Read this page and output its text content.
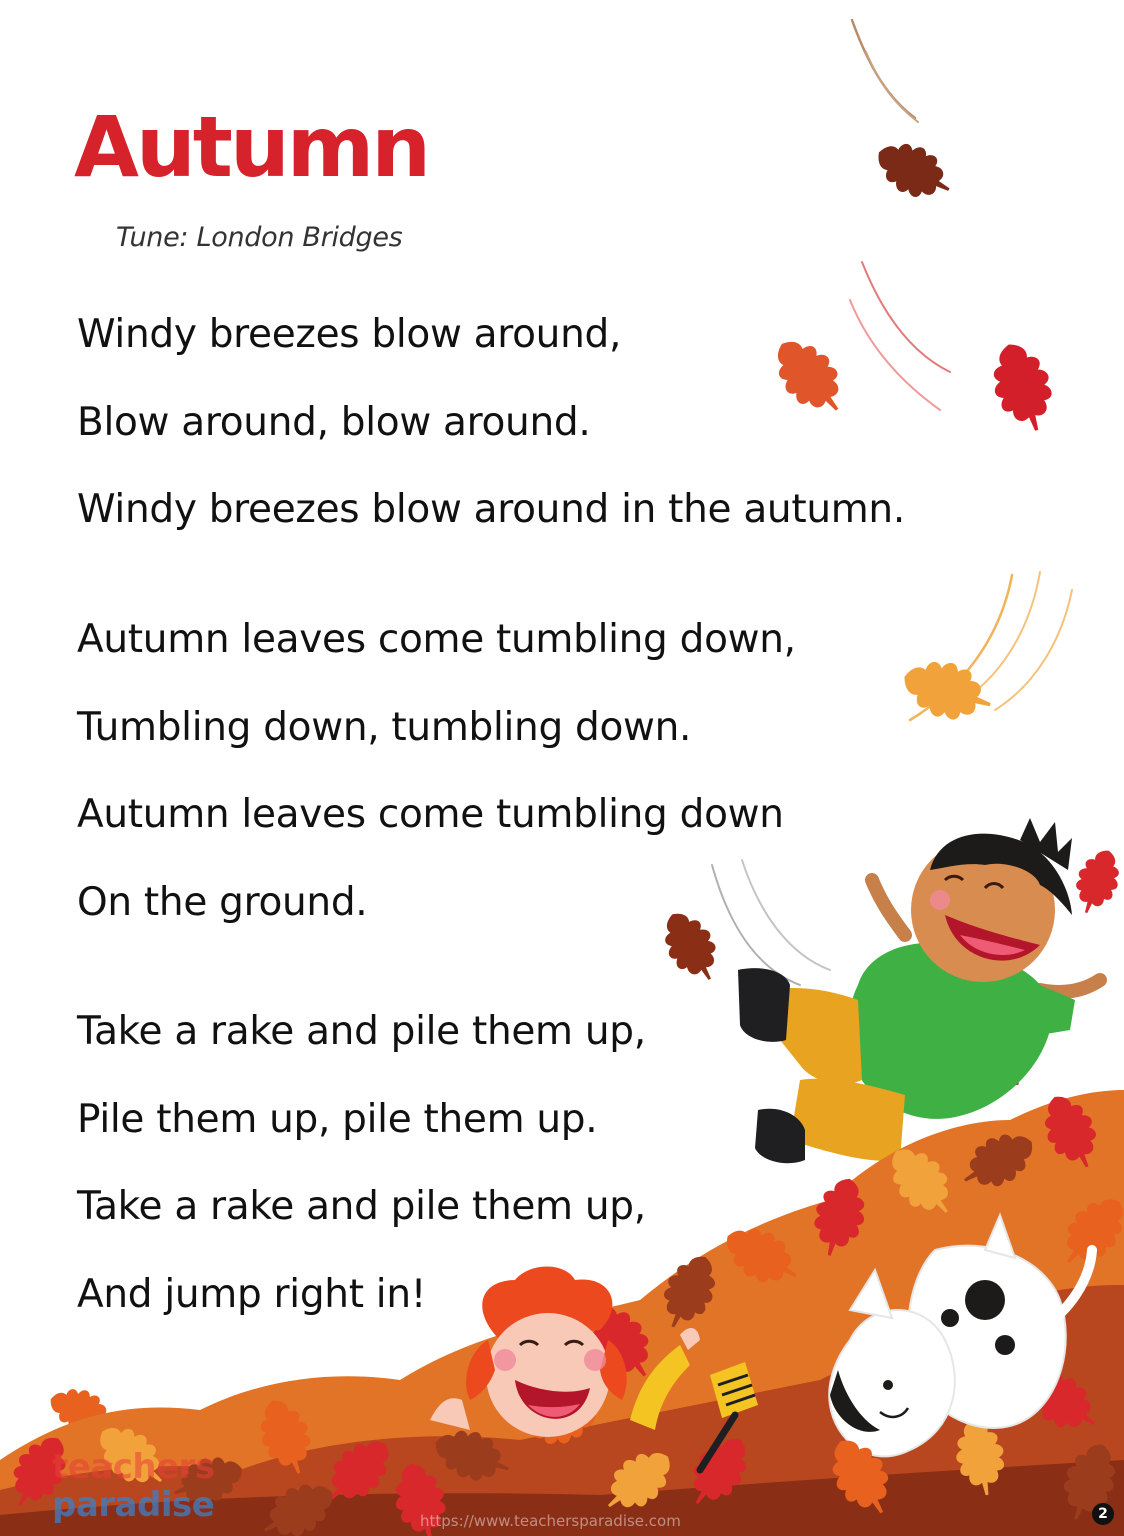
Autumn
Tune: London Bridges
Windy breezes blow around,
Blow around, blow around.
Windy breezes blow around in the autumn.
Autumn leaves come tumbling down,
Tumbling down, tumbling down.
Autumn leaves come tumbling down
On the ground.
Take a rake and pile them up,
Pile them up, pile them up.
Take a rake and pile them up,
And jump right in!
teachers
paradise	https://www.teachersparadise.com	2
